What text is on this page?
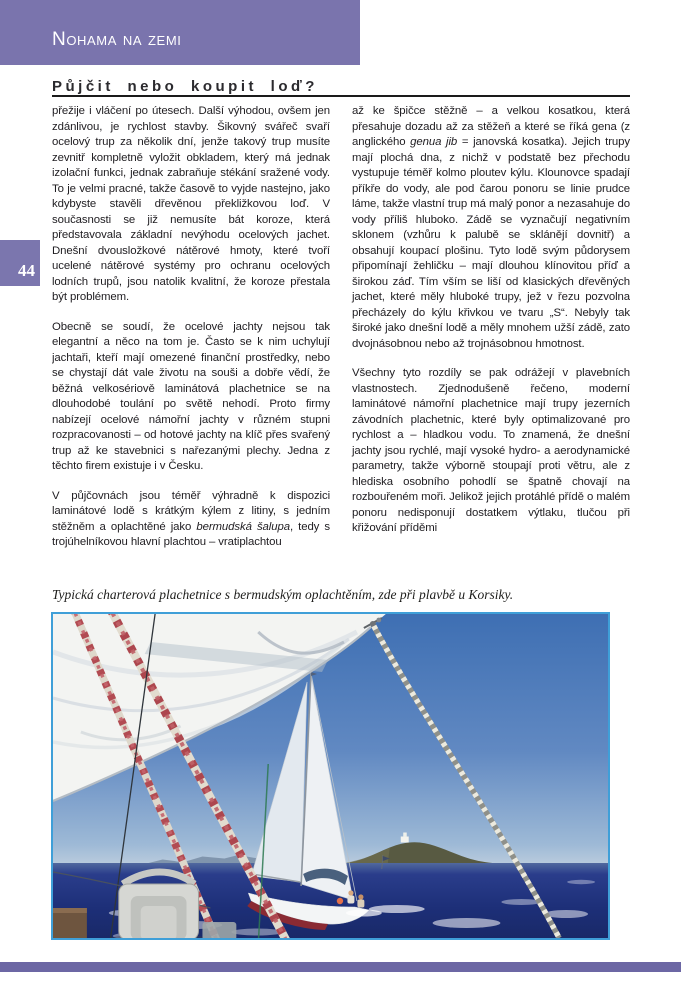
Nohama na zemi
Půjčit nebo koupit loď?

přežije i vláčení po útesech. Další výhodou, ovšem jen zdánlivou, je rychlost stavby. Šikovný svářeč svaří ocelový trup za několik dní, jenže takový trup musíte zevnitř kompletně vyložit obkladem, který má jednak izolační funkci, jednak zabraňuje stékání sražené vody. To je velmi pracné, takže časově to vyjde nastejno, jako kdybyste stavěli dřevěnou překližkovou loď. V současnosti se již nemusíte bát koroze, která představovala základní nevýhodu ocelových jachet. Dnešní dvousložkové nátěrové hmoty, které tvoří ucelené nátěrové systémy pro ochranu ocelových lodních trupů, jsou natolik kvalitní, že koroze přestala být problémem.

Obecně se soudí, že ocelové jachty nejsou tak elegantní a něco na tom je. Často se k nim uchylují jachtaři, kteří mají omezené finanční prostředky, nebo se chystají dát vale životu na souši a dobře vědí, že běžná velkosériově laminátová plachetnice se na dlouhodobé toulání po světě nehodí. Proto firmy nabízejí ocelové námořní jachty v různém stupni rozpracovanosti – od hotové jachty na klíč přes svařený trup až ke stavebnici s nařezanými plechy. Jedna z těchto firem existuje i v Česku.

V půjčovnách jsou téměř výhradně k dispozici laminátové lodě s krátkým kýlem z litiny, s jedním stěžněm a oplachtěné jako bermudská šalupa, tedy s trojúhelníkovou hlavní plachtou – vratiplachtou

až ke špičce stěžně – a velkou kosatkou, která přesahuje dozadu až za stěžeň a které se říká gena (z anglického genua jib = janovská kosatka). Jejich trupy mají plochá dna, z nichž v podstatě bez přechodu vystupuje téměř kolmo ploutev kýlu. Klounovce spadají příkře do vody, ale pod čarou ponoru se linie prudce láme, takže vlastní trup má malý ponor a nezasahuje do vody příliš hluboko. Zádě se vyznačují negativním sklonem (vzhůru k palubě se sklánějí dovnitř) a obsahují koupací plošinu. Tyto lodě svým půdorysem připomínají žehličku – mají dlouhou klínovitou příď a širokou záď. Tím vším se liší od klasických dřevěných jachet, které měly hluboké trupy, jež v řezu pozvolna přecházely do kýlu křivkou ve tvaru „S“. Nebyly tak široké jako dnešní lodě a měly mnohem užší zádě, zato dvojnásobnou nebo až trojnásobnou hmotnost.

Všechny tyto rozdíly se pak odrážejí v plavebních vlastnostech. Zjednodušeně řečeno, moderní laminátové námořní plachetnice mají trupy jezerních závodních plachetnic, které byly optimalizované pro rychlost a – hladkou vodu. To znamená, že dnešní jachty jsou rychlé, mají vysoké hydro- a aerodynamické parametry, takže výborně stoupají proti větru, ale z hlediska osobního pohodlí se špatně chovají na rozbouřeném moři. Jelikož jejich protáhlé přídě o malém ponoru nedisponují dostatkem výtlaku, tlučou při křižování příděmi

44
Typická charterová plachetnice s bermudským oplachtěním, zde při plavbě u Korsiky.
